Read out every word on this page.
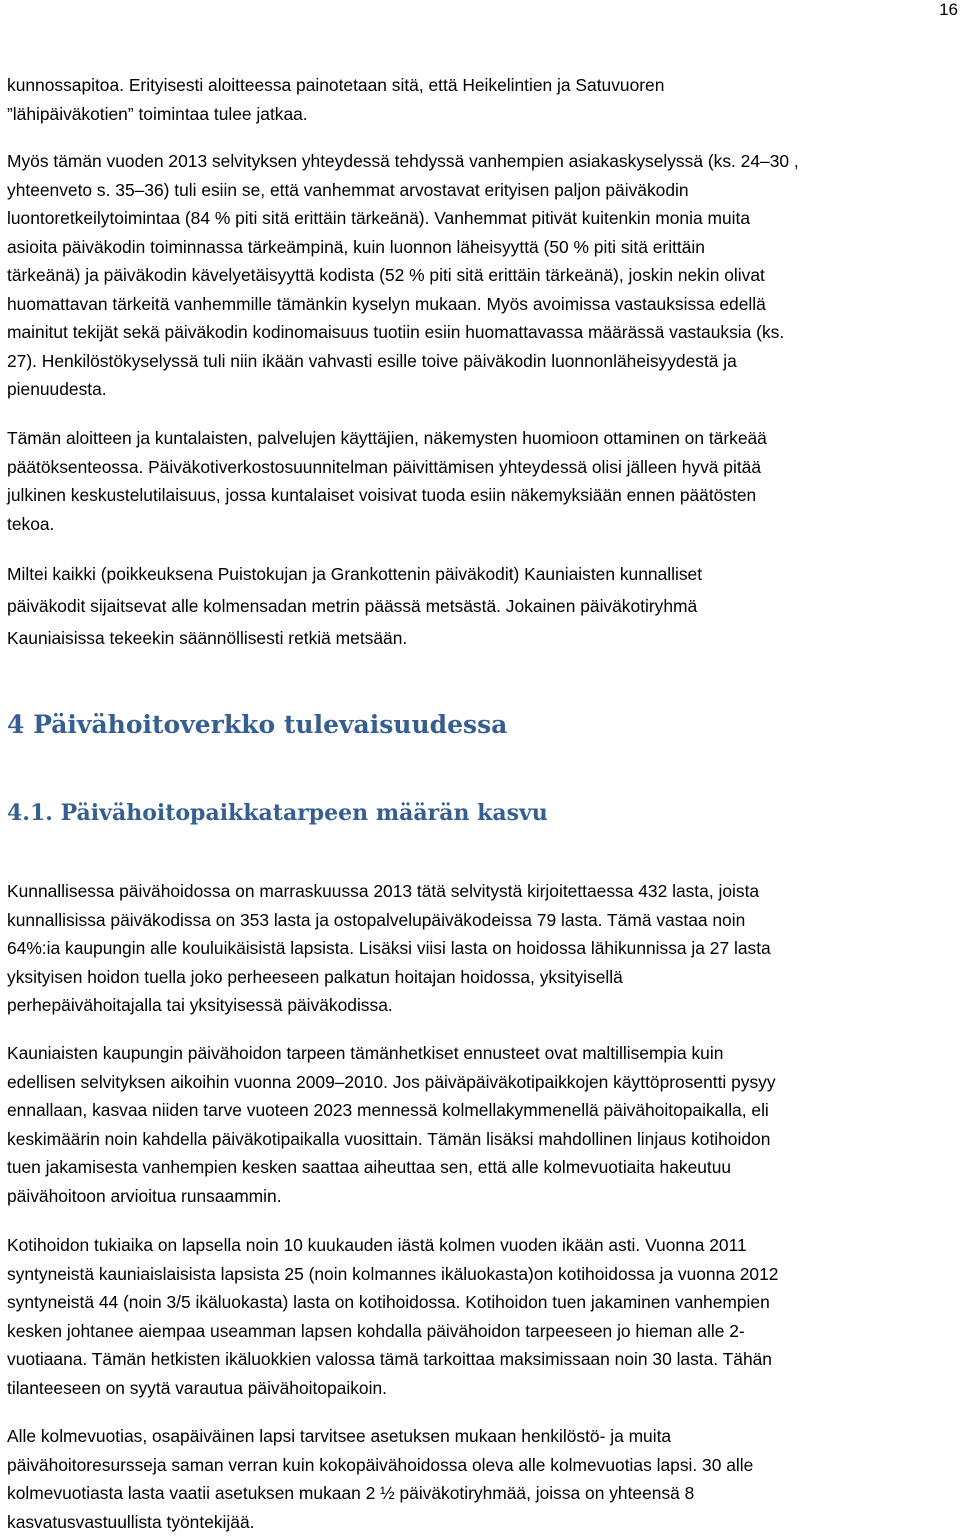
16

kunnossapitoa. Erityisesti aloitteessa painotetaan sitä, että Heikelintien ja Satuvuoren
”lähipäiväkotien” toimintaa tulee jatkaa.

Myös tämän vuoden 2013 selvityksen yhteydessä tehdyssä vanhempien asiakaskyselyssä (ks. 24–30 ,
yhteenveto s. 35–36) tuli esiin se, että vanhemmat arvostavat erityisen paljon päiväkodin
luontoretkeilytoimintaa (84 % piti sitä erittäin tärkeänä). Vanhemmat pitivät kuitenkin monia muita
asioita päiväkodin toiminnassa tärkeämpinä, kuin luonnon läheisyyttä (50 % piti sitä erittäin
tärkeänä) ja päiväkodin kävelyetäisyyttä kodista (52 % piti sitä erittäin tärkeänä), joskin nekin olivat
huomattavan tärkeitä vanhemmille tämänkin kyselyn mukaan. Myös avoimissa vastauksissa edellä
mainitut tekijät sekä päiväkodin kodinomaisuus tuotiin esiin huomattavassa määrässä vastauksia (ks.
27). Henkilöstökyselyssä tuli niin ikään vahvasti esille toive päiväkodin luonnonläheisyydestä ja
pienuudesta.

Tämän aloitteen ja kuntalaisten, palvelujen käyttäjien, näkemysten huomioon ottaminen on tärkeää
päätöksenteossa. Päiväkotiverkostosuunnitelman päivittämisen yhteydessä olisi jälleen hyvä pitää
julkinen keskustelutilaisuus, jossa kuntalaiset voisivat tuoda esiin näkemyksiään ennen päätösten
tekoa.

Miltei kaikki (poikkeuksena Puistokujan ja Grankottenin päiväkodit) Kauniaisten kunnalliset
päiväkodit sijaitsevat alle kolmensadan metrin päässä metsästä. Jokainen päiväkotiryhmä
Kauniaisissa tekeekin säännöllisesti retkiä metsään.

4 Päivähoitoverkko tulevaisuudessa
4.1. Päivähoitopaikkatarpeen määrän kasvu

Kunnallisessa päivähoidossa on marraskuussa 2013 tätä selvitystä kirjoitettaessa 432 lasta, joista
kunnallisissa päiväkodissa on 353 lasta ja ostopalvelupäiväkodeissa 79 lasta. Tämä vastaa noin
64%:ia kaupungin alle kouluikäisistä lapsista. Lisäksi viisi lasta on hoidossa lähikunnissa ja 27 lasta
yksityisen hoidon tuella joko perheeseen palkatun hoitajan hoidossa, yksityisellä
perhepäivähoitajalla tai yksityisessä päiväkodissa.

Kauniaisten kaupungin päivähoidon tarpeen tämänhetkiset ennusteet ovat maltillisempia kuin
edellisen selvityksen aikoihin vuonna 2009–2010. Jos päiväpäiväkotipaikkojen käyttöprosentti pysyy
ennallaan, kasvaa niiden tarve vuoteen 2023 mennessä kolmellakymmenellä päivähoitopaikalla, eli
keskimäärin noin kahdella päiväkotipaikalla vuosittain. Tämän lisäksi mahdollinen linjaus kotihoidon
tuen jakamisesta vanhempien kesken saattaa aiheuttaa sen, että alle kolmevuotiaita hakeutuu
päivähoitoon arvioitua runsaammin.

Kotihoidon tukiaika on lapsella noin 10 kuukauden iästä kolmen vuoden ikään asti. Vuonna 2011
syntyneistä kauniaislaisista lapsista 25 (noin kolmannes ikäluokasta)on kotihoidossa ja vuonna 2012
syntyneistä 44 (noin 3/5 ikäluokasta) lasta on kotihoidossa. Kotihoidon tuen jakaminen vanhempien
kesken johtanee aiempaa useamman lapsen kohdalla päivähoidon tarpeeseen jo hieman alle 2-
vuotiaana. Tämän hetkisten ikäluokkien valossa tämä tarkoittaa maksimissaan noin 30 lasta. Tähän
tilanteeseen on syytä varautua päivähoitopaikoin.

Alle kolmevuotias, osapäiväinen lapsi tarvitsee asetuksen mukaan henkilöstö- ja muita
päivähoitoresursseja saman verran kuin kokopäivähoidossa oleva alle kolmevuotias lapsi. 30 alle
kolmevuotiasta lasta vaatii asetuksen mukaan 2 ½ päiväkotiryhmää, joissa on yhteensä 8
kasvatusvastuullista työntekijää.
